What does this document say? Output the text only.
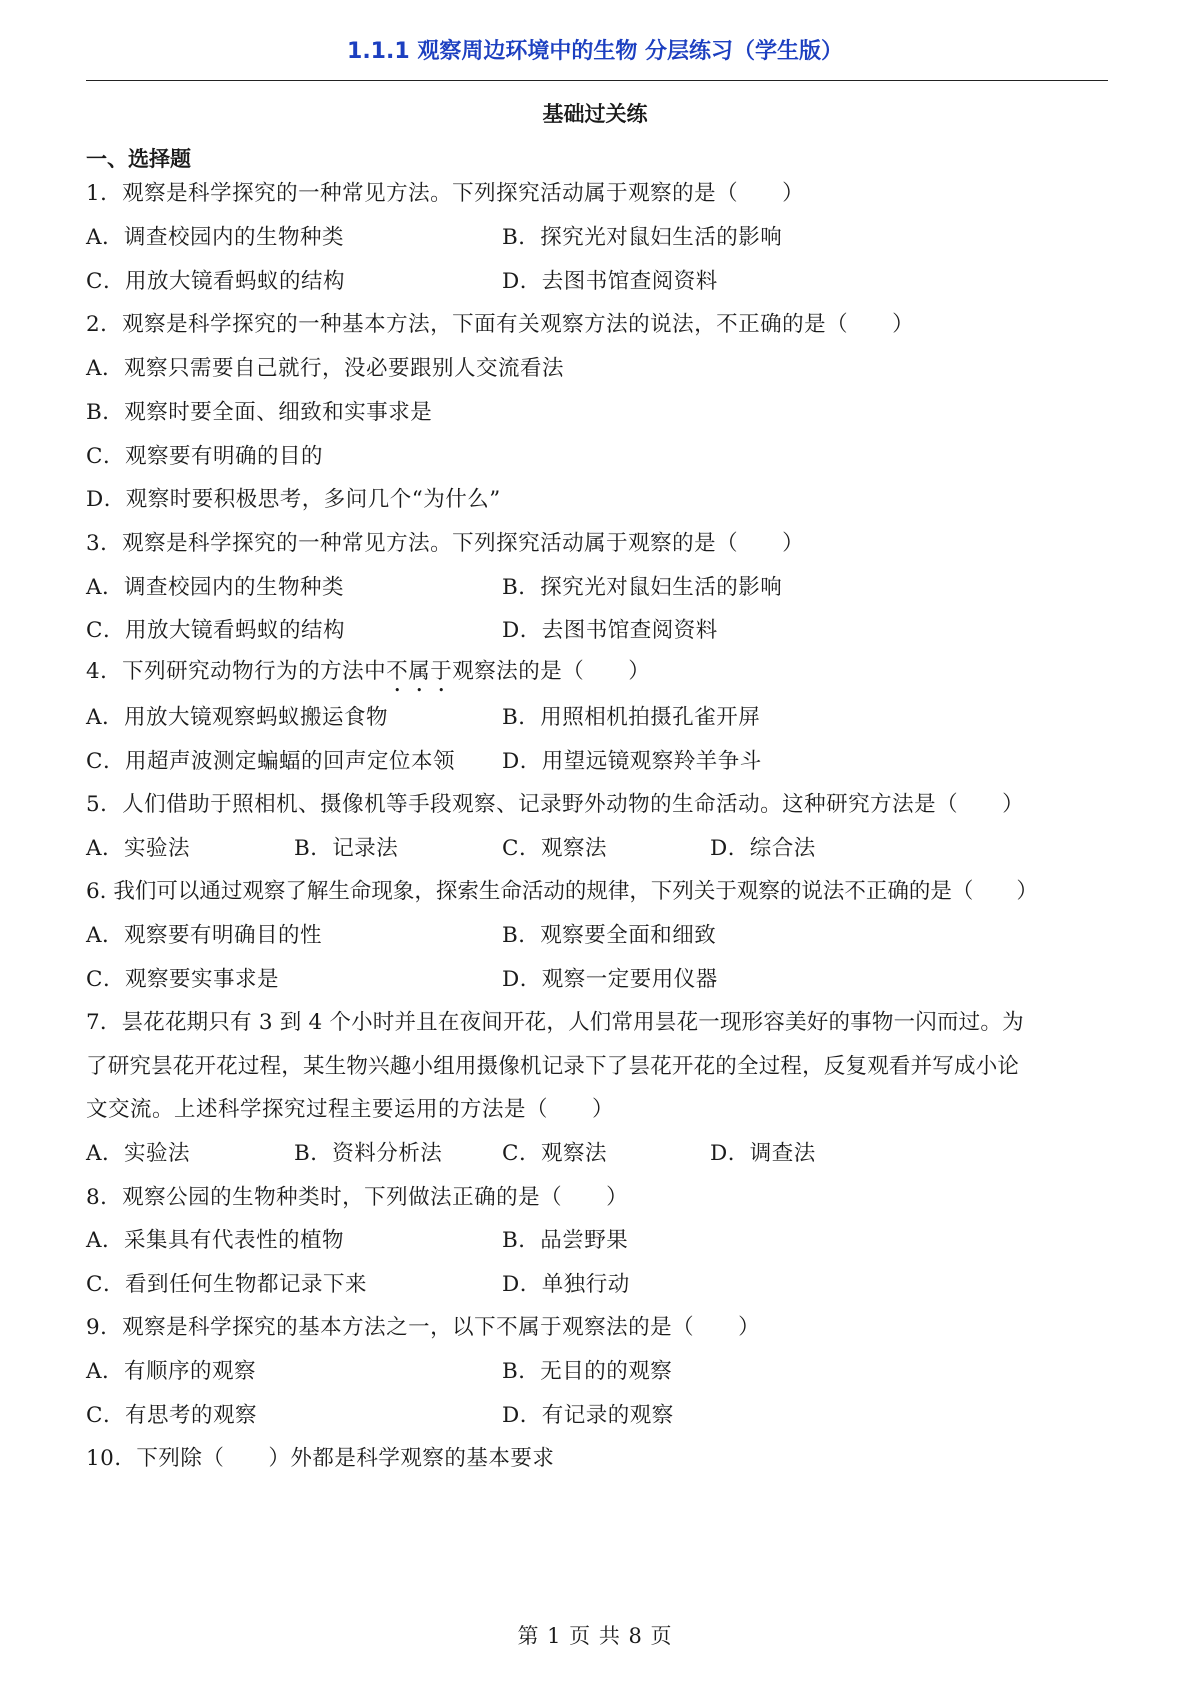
1.1.1 观察周边环境中的生物 分层练习（学生版）
基础过关练
一、选择题
1．观察是科学探究的一种常见方法。下列探究活动属于观察的是（　　）
A．调查校园内的生物种类	B．探究光对鼠妇生活的影响
C．用放大镜看蚂蚁的结构	D．去图书馆查阅资料
2．观察是科学探究的一种基本方法，下面有关观察方法的说法，不正确的是（　　）
A．观察只需要自己就行，没必要跟别人交流看法
B．观察时要全面、细致和实事求是
C．观察要有明确的目的
D．观察时要积极思考，多问几个“为什么”
3．观察是科学探究的一种常见方法。下列探究活动属于观察的是（　　）
A．调查校园内的生物种类	B．探究光对鼠妇生活的影响
C．用放大镜看蚂蚁的结构	D．去图书馆查阅资料
4．下列研究动物行为的方法中不属于观察法的是（　　）
A．用放大镜观察蚂蚁搬运食物	B．用照相机拍摄孔雀开屏
C．用超声波测定蝙蝠的回声定位本领 D．用望远镜观察羚羊争斗
5．人们借助于照相机、摄像机等手段观察、记录野外动物的生命活动。这种研究方法是（　　）
A．实验法	B．记录法	C．观察法	D．综合法
6. 我们可以通过观察了解生命现象，探索生命活动的规律，下列关于观察的说法不正确的是（　　）
A．观察要有明确目的性	B．观察要全面和细致
C．观察要实事求是	D．观察一定要用仪器
7．昙花花期只有 3 到 4 个小时并且在夜间开花，人们常用昙花一现形容美好的事物一闪而过。为
了研究昙花开花过程，某生物兴趣小组用摄像机记录下了昙花开花的全过程，反复观看并写成小论
文交流。上述科学探究过程主要运用的方法是（　　）
A．实验法	B．资料分析法	C．观察法	D．调查法
8．观察公园的生物种类时，下列做法正确的是（　　）
A．采集具有代表性的植物	B．品尝野果
C．看到任何生物都记录下来	D．单独行动
9．观察是科学探究的基本方法之一，以下不属于观察法的是（　　）
A．有顺序的观察	B．无目的的观察
C．有思考的观察	D．有记录的观察
10．下列除（　　）外都是科学观察的基本要求
第 1 页 共 8 页
